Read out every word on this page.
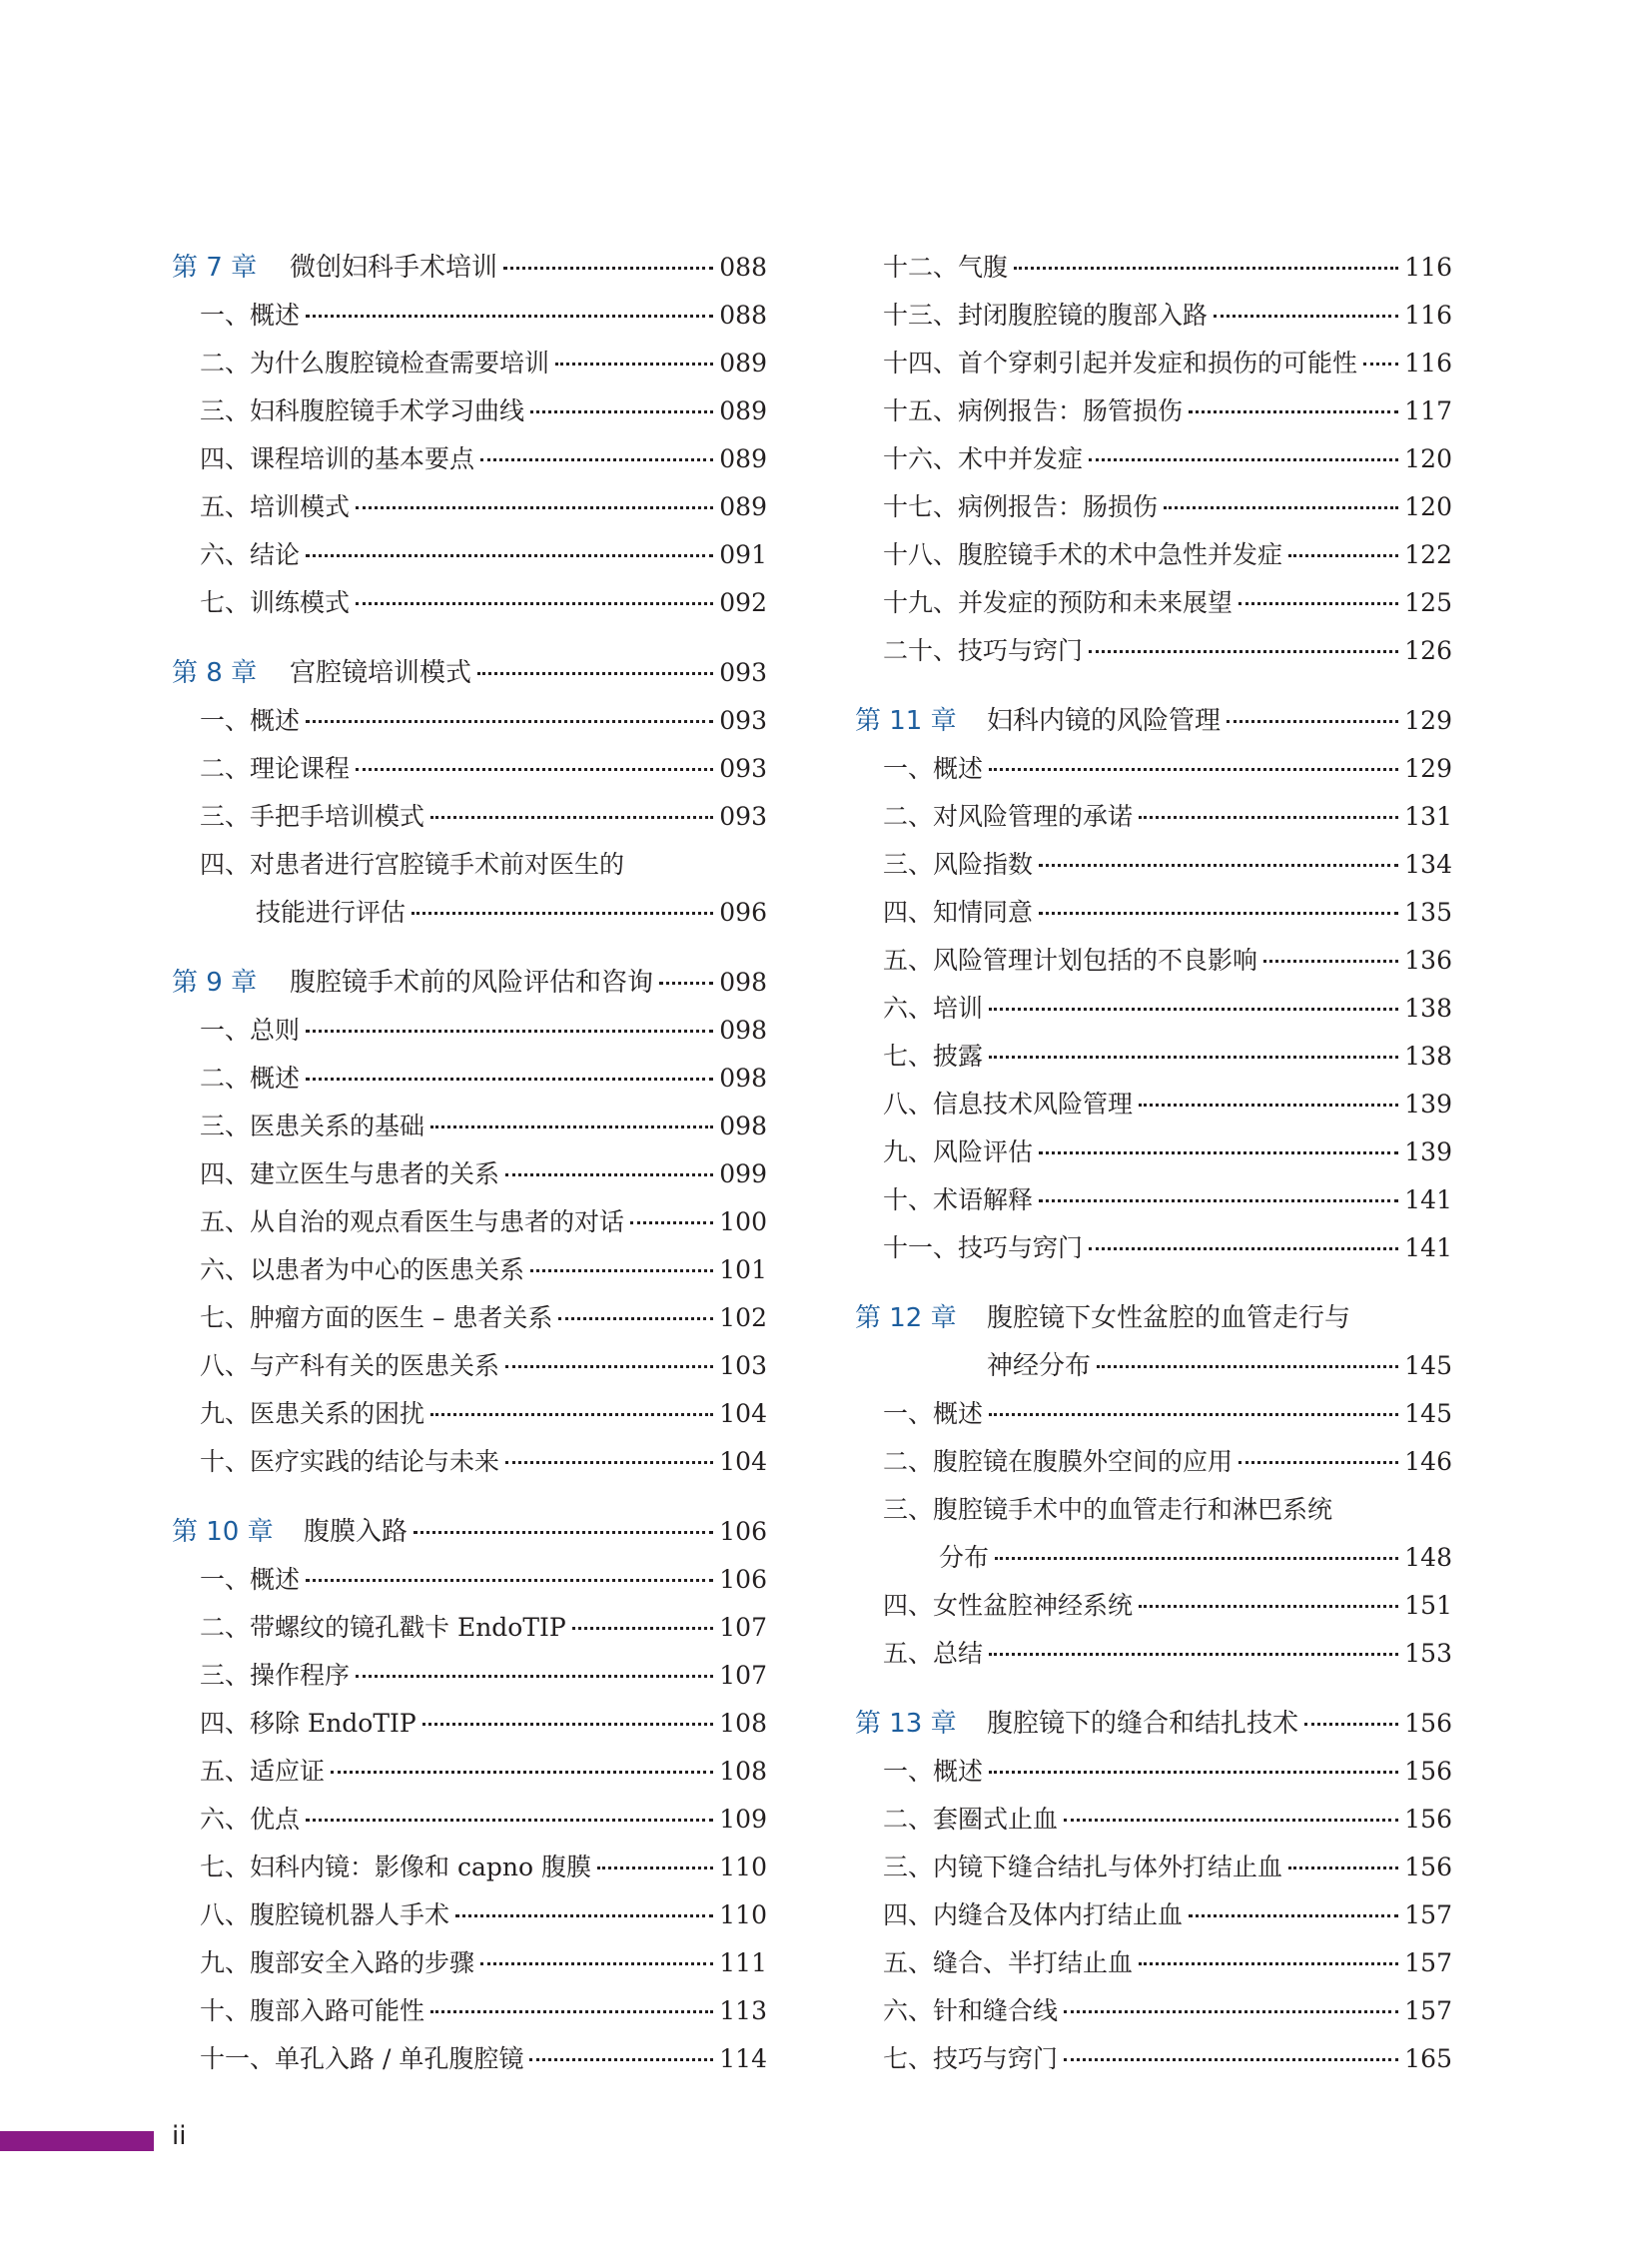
第 7 章	微创妇科手术培训	088
一、概述	088
二、为什么腹腔镜检查需要培训	089
三、妇科腹腔镜手术学习曲线	089
四、课程培训的基本要点	089
五、培训模式	089
六、结论	091
七、训练模式	092
第 8 章	宫腔镜培训模式	093
一、概述	093
二、理论课程	093
三、手把手培训模式	093
四、对患者进行宫腔镜手术前对医生的
技能进行评估	096
第 9 章	腹腔镜手术前的风险评估和咨询	098
一、总则	098
二、概述	098
三、医患关系的基础	098
四、建立医生与患者的关系	099
五、从自治的观点看医生与患者的对话	100
六、以患者为中心的医患关系	101
七、肿瘤方面的医生 – 患者关系	102
八、与产科有关的医患关系	103
九、医患关系的困扰	104
十、医疗实践的结论与未来	104
第 10 章	腹膜入路	106
一、概述	106
二、带螺纹的镜孔戳卡 EndoTIP	107
三、操作程序	107
四、移除 EndoTIP	108
五、适应证	108
六、优点	109
七、妇科内镜：影像和 capno 腹膜	110
八、腹腔镜机器人手术	110
九、腹部安全入路的步骤	111
十、腹部入路可能性	113
十一、单孔入路 / 单孔腹腔镜	114
十二、气腹	116
十三、封闭腹腔镜的腹部入路	116
十四、首个穿刺引起并发症和损伤的可能性 116
十五、病例报告：肠管损伤	117
十六、术中并发症	120
十七、病例报告：肠损伤	120
十八、腹腔镜手术的术中急性并发症	122
十九、并发症的预防和未来展望	125
二十、技巧与窍门	126
第 11 章	妇科内镜的风险管理	129
一、概述	129
二、对风险管理的承诺	131
三、风险指数	134
四、知情同意	135
五、风险管理计划包括的不良影响	136
六、培训	138
七、披露	138
八、信息技术风险管理	139
九、风险评估	139
十、术语解释	141
十一、技巧与窍门	141
第 12 章	腹腔镜下女性盆腔的血管走行与
神经分布	145
一、概述	145
二、腹腔镜在腹膜外空间的应用	146
三、腹腔镜手术中的血管走行和淋巴系统
分布	148
四、女性盆腔神经系统	151
五、总结	153
第 13 章	腹腔镜下的缝合和结扎技术	156
一、概述	156
二、套圈式止血	156
三、内镜下缝合结扎与体外打结止血	156
四、内缝合及体内打结止血	157
五、缝合、半打结止血	157
六、针和缝合线	157
七、技巧与窍门	165
ii
